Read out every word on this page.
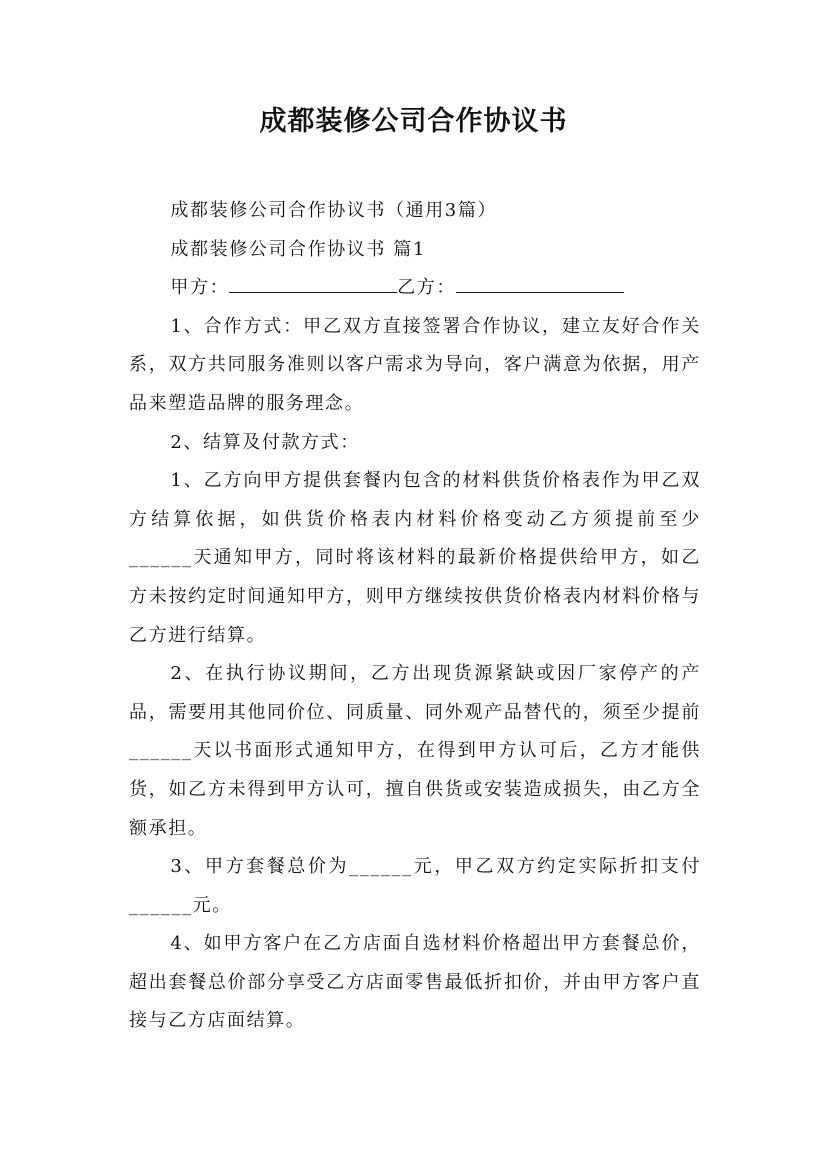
成都装修公司合作协议书

成都装修公司合作协议书（通用3篇）

成都装修公司合作协议书 篇1

甲方：	乙方：

1、合作方式：甲乙双方直接签署合作协议，建立友好合作关系，双方共同服务准则以客户需求为导向，客户满意为依据，用产品来塑造品牌的服务理念。

2、结算及付款方式：

1、乙方向甲方提供套餐内包含的材料供货价格表作为甲乙双方结算依据，如供货价格表内材料价格变动乙方须提前至少______天通知甲方，同时将该材料的最新价格提供给甲方，如乙方未按约定时间通知甲方，则甲方继续按供货价格表内材料价格与乙方进行结算。

2、在执行协议期间，乙方出现货源紧缺或因厂家停产的产品，需要用其他同价位、同质量、同外观产品替代的，须至少提前______天以书面形式通知甲方，在得到甲方认可后，乙方才能供货，如乙方未得到甲方认可，擅自供货或安装造成损失，由乙方全额承担。

3、甲方套餐总价为______元，甲乙双方约定实际折扣支付______元。

4、如甲方客户在乙方店面自选材料价格超出甲方套餐总价，超出套餐总价部分享受乙方店面零售最低折扣价，并由甲方客户直接与乙方店面结算。
